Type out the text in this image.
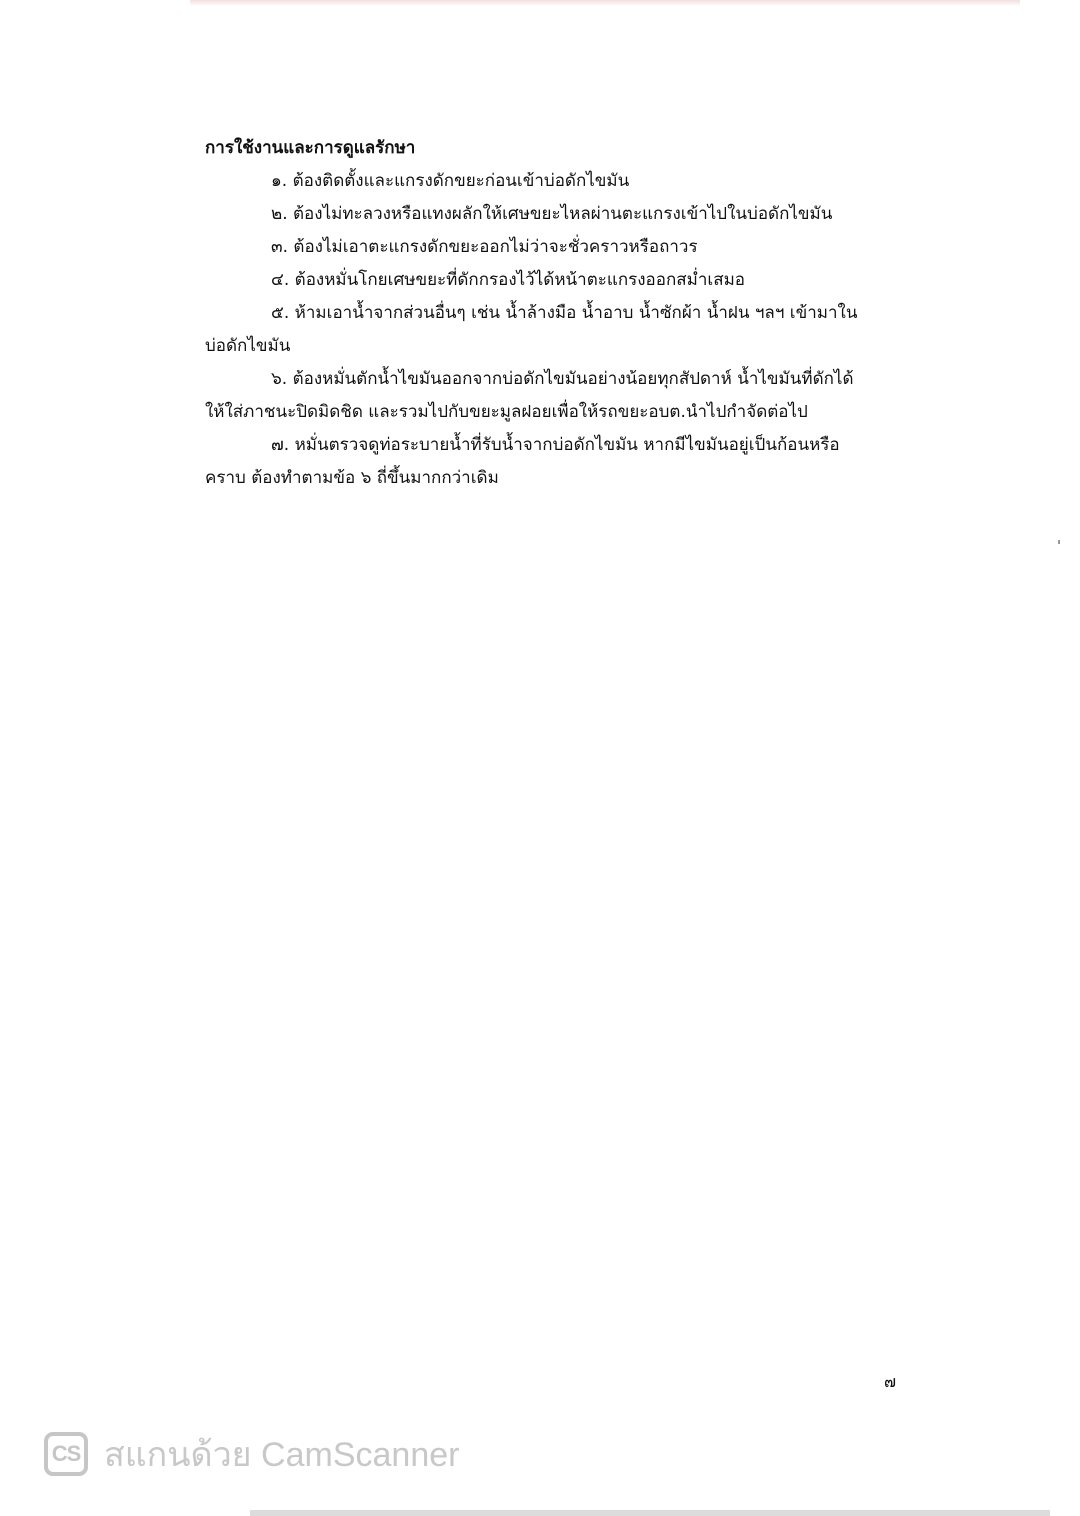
การใช้งานและการดูแลรักษา
๑. ต้องติดตั้งและแกรงดักขยะก่อนเข้าบ่อดักไขมัน
๒. ต้องไม่ทะลวงหรือแทงผลักให้เศษขยะไหลผ่านตะแกรงเข้าไปในบ่อดักไขมัน
๓. ต้องไม่เอาตะแกรงดักขยะออกไม่ว่าจะชั่วคราวหรือถาวร
๔. ต้องหมั่นโกยเศษขยะที่ดักกรองไว้ได้หน้าตะแกรงออกสม่ำเสมอ
๕. ห้ามเอาน้ำจากส่วนอื่นๆ เช่น น้ำล้างมือ น้ำอาบ น้ำซักผ้า น้ำฝน ฯลฯ เข้ามาใน
บ่อดักไขมัน
๖. ต้องหมั่นตักน้ำไขมันออกจากบ่อดักไขมันอย่างน้อยทุกสัปดาห์ น้ำไขมันที่ดักได้
ให้ใส่ภาชนะปิดมิดชิด และรวมไปกับขยะมูลฝอยเพื่อให้รถขยะอบต.นำไปกำจัดต่อไป
๗. หมั่นตรวจดูท่อระบายน้ำที่รับน้ำจากบ่อดักไขมัน หากมีไขมันอยู่เป็นก้อนหรือ
คราบ ต้องทำตามข้อ ๖ ถี่ขึ้นมากกว่าเดิม
๗
CS สแกนด้วย CamScanner
